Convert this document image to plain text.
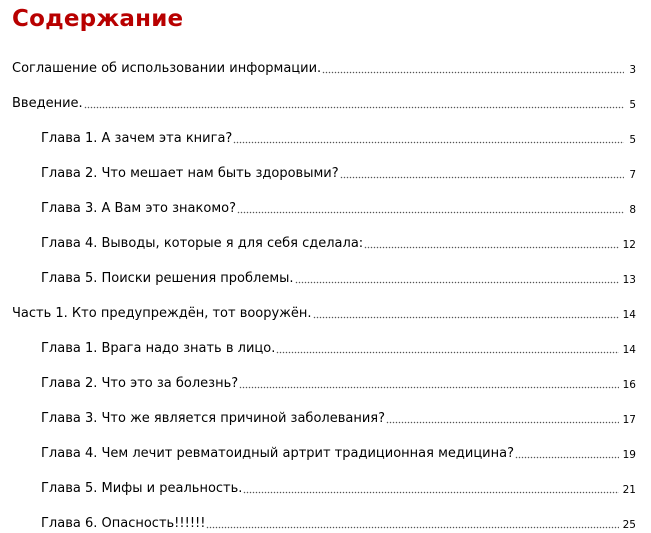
Содержание
Соглашение об использовании информации.	3
Введение.	5
Глава 1. А зачем эта книга?	5
Глава 2. Что мешает нам быть здоровыми?	7
Глава 3. А Вам это знакомо?	8
Глава 4. Выводы, которые я для себя сделала:	12
Глава 5. Поиски решения проблемы.	13
Часть 1. Кто предупреждён, тот вооружён.	14
Глава 1. Врага надо знать в лицо.	14
Глава 2. Что это за болезнь?	16
Глава 3. Что же является причиной заболевания?	17
Глава 4. Чем лечит ревматоидный артрит традиционная медицина?	19
Глава 5. Мифы и реальность.	21
Глава 6. Опасность!!!!!!	25
